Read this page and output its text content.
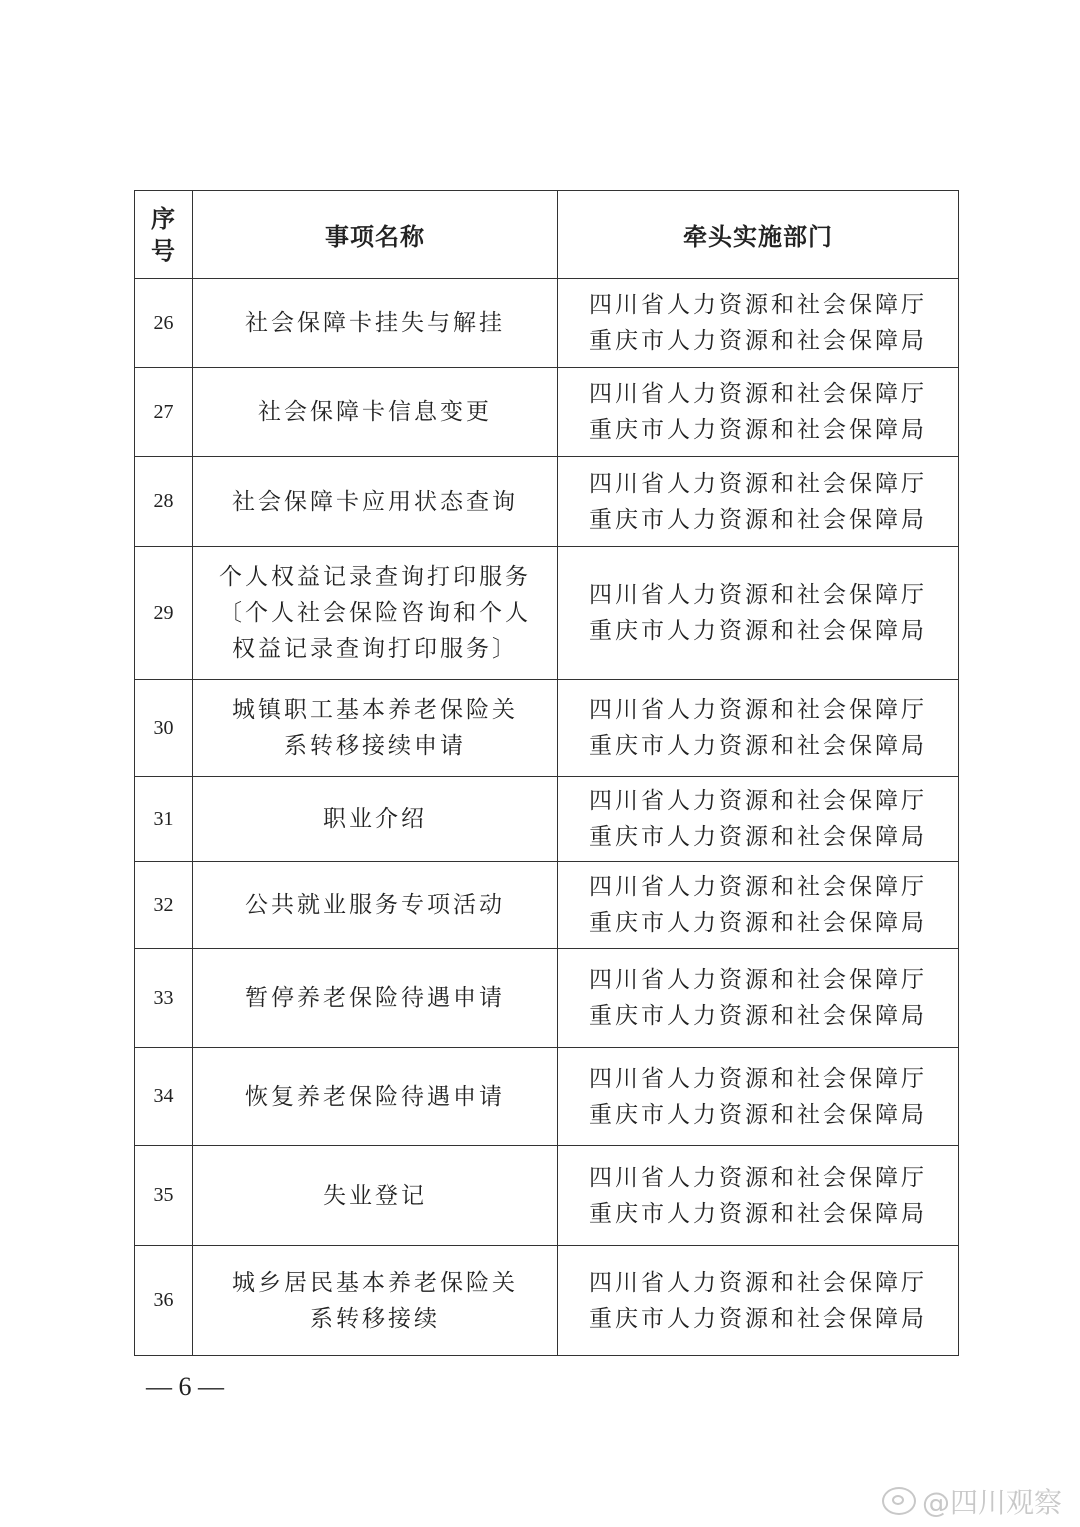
序
号	事项名称	牵头实施部门
26	社会保障卡挂失与解挂	四川省人力资源和社会保障厅
重庆市人力资源和社会保障局

27	社会保障卡信息变更	四川省人力资源和社会保障厅
重庆市人力资源和社会保障局

28	社会保障卡应用状态查询	四川省人力资源和社会保障厅
重庆市人力资源和社会保障局

29	个人权益记录查询打印服务〔个人社会保险咨询和个人权益记录查询打印服务〕	四川省人力资源和社会保障厅
重庆市人力资源和社会保障局

30	城镇职工基本养老保险关系转移接续申请	四川省人力资源和社会保障厅
重庆市人力资源和社会保障局

31	职业介绍	四川省人力资源和社会保障厅
重庆市人力资源和社会保障局

32	公共就业服务专项活动	四川省人力资源和社会保障厅
重庆市人力资源和社会保障局

33	暂停养老保险待遇申请	四川省人力资源和社会保障厅
重庆市人力资源和社会保障局

34	恢复养老保险待遇申请	四川省人力资源和社会保障厅
重庆市人力资源和社会保障局

35	失业登记	四川省人力资源和社会保障厅
重庆市人力资源和社会保障局

36	城乡居民基本养老保险关系转移接续	四川省人力资源和社会保障厅
重庆市人力资源和社会保障局
— 6 —
@四川观察
